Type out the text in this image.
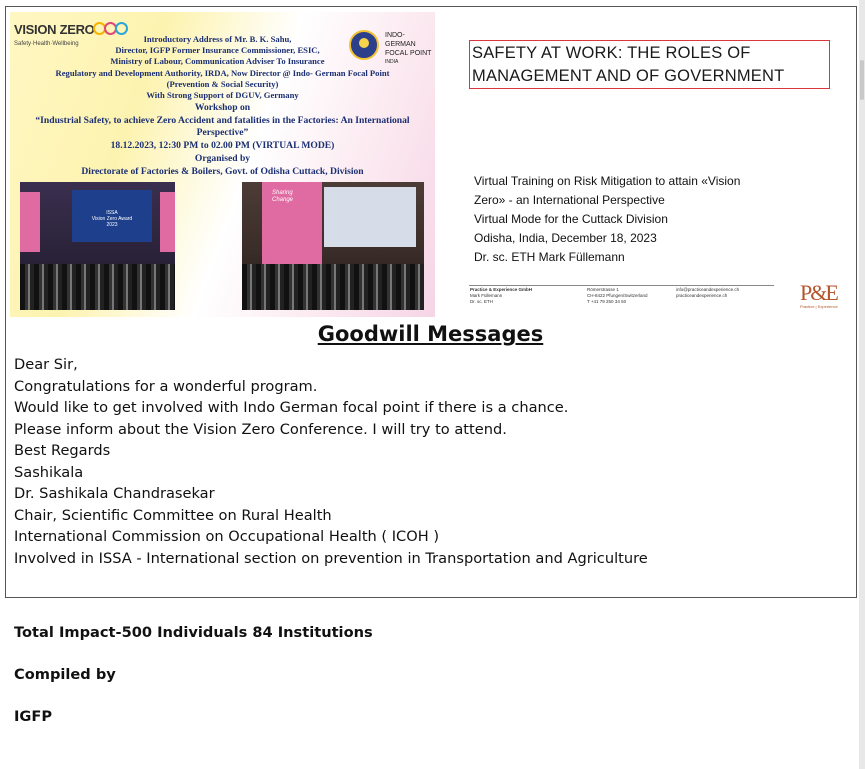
VISION ZERO
Safety·Health·Wellbeing
INDO-GERMAN
FOCAL POINT
INDIA
Introductory Address of Mr. B. K. Sahu,
Director, IGFP Former Insurance Commissioner, ESIC,
Ministry of Labour, Communication Adviser To Insurance
Regulatory and Development Authority, IRDA, Now Director @ Indo- German Focal Point
(Prevention & Social Security)
With Strong Support of DGUV, Germany
Workshop on
“Industrial Safety, to achieve Zero Accident and fatalities in the Factories: An International Perspective”
18.12.2023, 12:30 PM to 02.00 PM (VIRTUAL MODE)
Organised by
Directorate of Factories & Boilers, Govt. of Odisha Cuttack, Division
ISSA
Vision Zero Award
2023
Sharing
Change
SAFETY AT WORK: THE ROLES OF
MANAGEMENT AND OF GOVERNMENT
Virtual Training on Risk Mitigation to attain «Vision
Zero» - an International Perspective
Virtual Mode for the Cuttack Division
Odisha, India, December 18, 2023
Dr. sc. ETH Mark Füllemann
Practice & Experience GmbH
Mark Füllemann
Dr. sc. ETH
Römerstrasse 1
CH-8422 Pfungen/Switzerland
T +41 79 250 34 50
info@practiceandexperience.ch
practiceandexperience.ch	P&E
Practice | Experience
Goodwill Messages
Dear Sir,
Congratulations for a wonderful program.
Would like to get involved with Indo German focal point if there is a chance.
Please inform about the Vision Zero Conference. I will try to attend.
Best Regards
Sashikala
Dr. Sashikala Chandrasekar
Chair, Scientific Committee on Rural Health
International Commission on Occupational Health ( ICOH )
Involved in ISSA - International section on prevention in Transportation and Agriculture
Total Impact-500 Individuals 84 Institutions
Compiled by
IGFP
